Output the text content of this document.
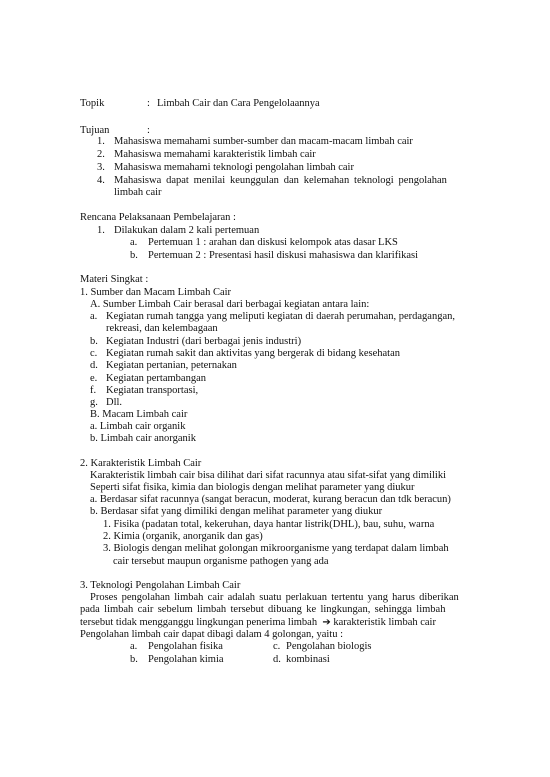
Topik	: Limbah Cair dan Cara Pengelolaannya
Tujuan	:
1. Mahasiswa memahami sumber-sumber dan macam-macam limbah cair
2. Mahasiswa memahami karakteristik limbah cair
3. Mahasiswa memahami teknologi pengolahan limbah cair
4. Mahasiswa dapat menilai keunggulan dan kelemahan teknologi pengolahan
limbah cair
Rencana Pelaksanaan Pembelajaran :
1. Dilakukan dalam 2 kali pertemuan
a. Pertemuan 1 : arahan dan diskusi kelompok atas dasar LKS
b. Pertemuan 2 : Presentasi hasil diskusi mahasiswa dan klarifikasi
Materi Singkat :
1. Sumber dan Macam Limbah Cair
A. Sumber Limbah Cair berasal dari berbagai kegiatan antara lain:
a. Kegiatan rumah tangga yang meliputi kegiatan di daerah perumahan, perdagangan,
rekreasi, dan kelembagaan
b. Kegiatan Industri (dari berbagai jenis industri)
c. Kegiatan rumah sakit dan aktivitas yang bergerak di bidang kesehatan
d. Kegiatan pertanian, peternakan
e. Kegiatan pertambangan
f. Kegiatan transportasi,
g. Dll.
B. Macam Limbah cair
a. Limbah cair organik
b. Limbah cair anorganik
2. Karakteristik Limbah Cair
Karakteristik limbah cair bisa dilihat dari sifat racunnya atau sifat-sifat yang dimiliki
Seperti sifat fisika, kimia dan biologis dengan melihat parameter yang diukur
a. Berdasar sifat racunnya (sangat beracun, moderat, kurang beracun dan tdk beracun)
b. Berdasar sifat yang dimiliki dengan melihat parameter yang diukur
1. Fisika (padatan total, kekeruhan, daya hantar listrik(DHL), bau, suhu, warna
2. Kimia (organik, anorganik dan gas)
3. Biologis dengan melihat golongan mikroorganisme yang terdapat dalam limbah
cair tersebut maupun organisme pathogen yang ada
3. Teknologi Pengolahan Limbah Cair
Proses pengolahan limbah cair adalah suatu perlakuan tertentu yang harus diberikan
pada limbah cair sebelum limbah tersebut dibuang ke lingkungan, sehingga limbah
tersebut tidak mengganggu lingkungan penerima limbah ➔ karakteristik limbah cair
Pengolahan limbah cair dapat dibagi dalam 4 golongan, yaitu :
a. Pengolahan fisika	c. Pengolahan biologis
b. Pengolahan kimia	d. kombinasi
